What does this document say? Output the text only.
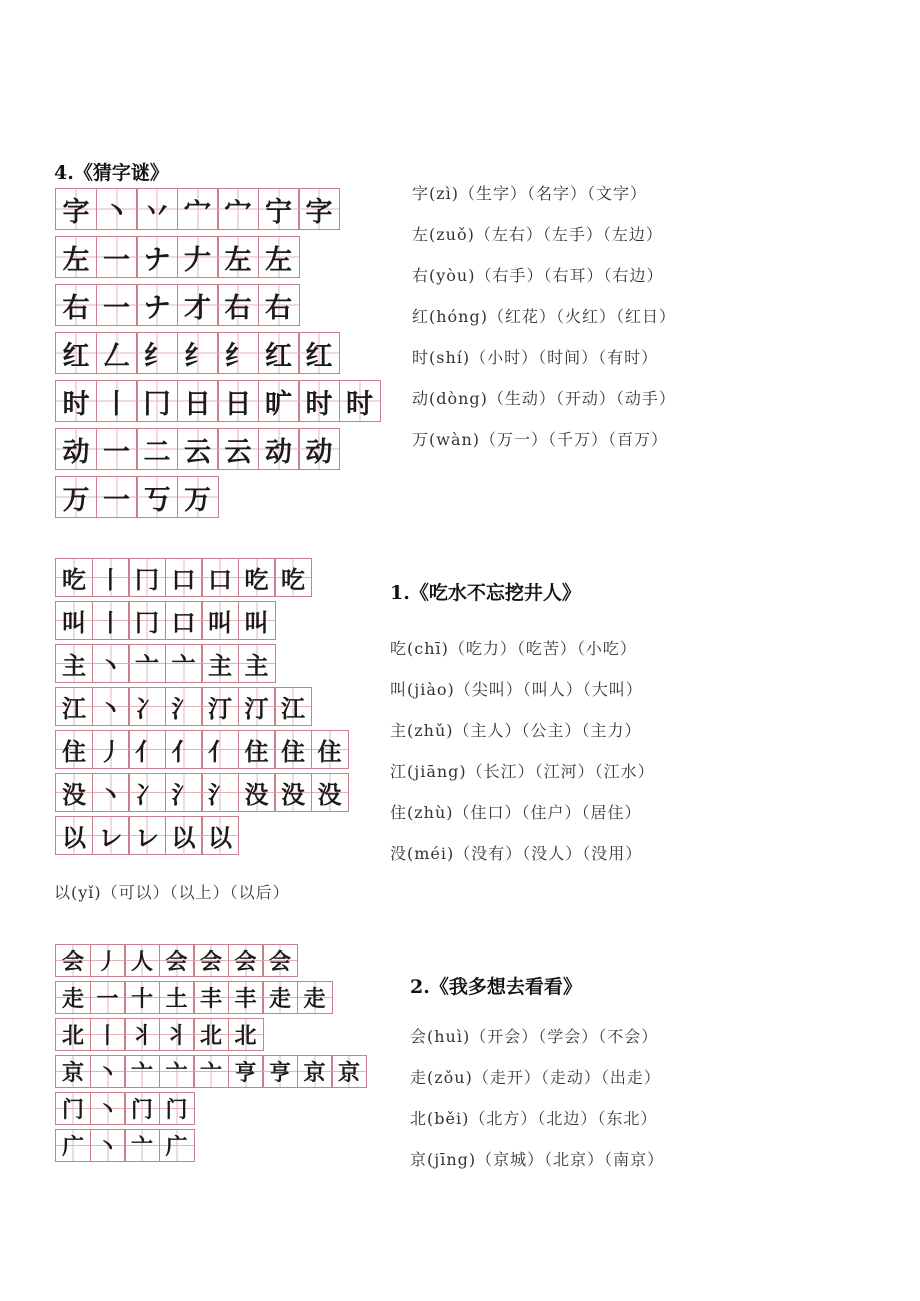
4.《猜字谜》
字 丶 丷 宀 宀 宁 字
左 一 ナ 𠂇 左 左
右 一 ナ 才 右 右
红 𠃋 纟 纟 纟 红 红
时 丨 冂 日 日 旷 时 时
动 一 二 云 云 动 动
万 一 丂 万
字(zì)（生字）（名字）（文字）
左(zuǒ)（左右）（左手）（左边）
右(yòu)（右手）（右耳）（右边）
红(hóng)（红花）（火红）（红日）
时(shí)（小时）（时间）（有时）
动(dòng)（生动）（开动）（动手）
万(wàn)（万一）（千万）（百万）
吃 丨 冂 口 口 吃 吃
叫 丨 冂 口 叫 叫
主 丶 亠 亠 主 主
江 丶 冫 氵 汀 汀 江
住 丿 亻 亻 亻 住 住 住
没 丶 冫 氵 氵 没 没 没
以 レ レ 以 以
1.《吃水不忘挖井人》
吃(chī)（吃力）（吃苦）（小吃）
叫(jiào)（尖叫）（叫人）（大叫）
主(zhǔ)（主人）（公主）（主力）
江(jiāng)（长江）（江河）（江水）
住(zhù)（住口）（住户）（居住）
没(méi)（没有）（没人）（没用）
以(yǐ)（可以）（以上）（以后）
会 丿 人 会 会 会 会
走 一 十 土 丰 丰 走 走
北 丨 丬 丬 北 北
京 丶 亠 亠 亠 亨 亨 京 京
门 丶 门 门
广 丶 亠 广
2.《我多想去看看》
会(huì)（开会）（学会）（不会）
走(zǒu)（走开）（走动）（出走）
北(běi)（北方）（北边）（东北）
京(jīng)（京城）（北京）（南京）
